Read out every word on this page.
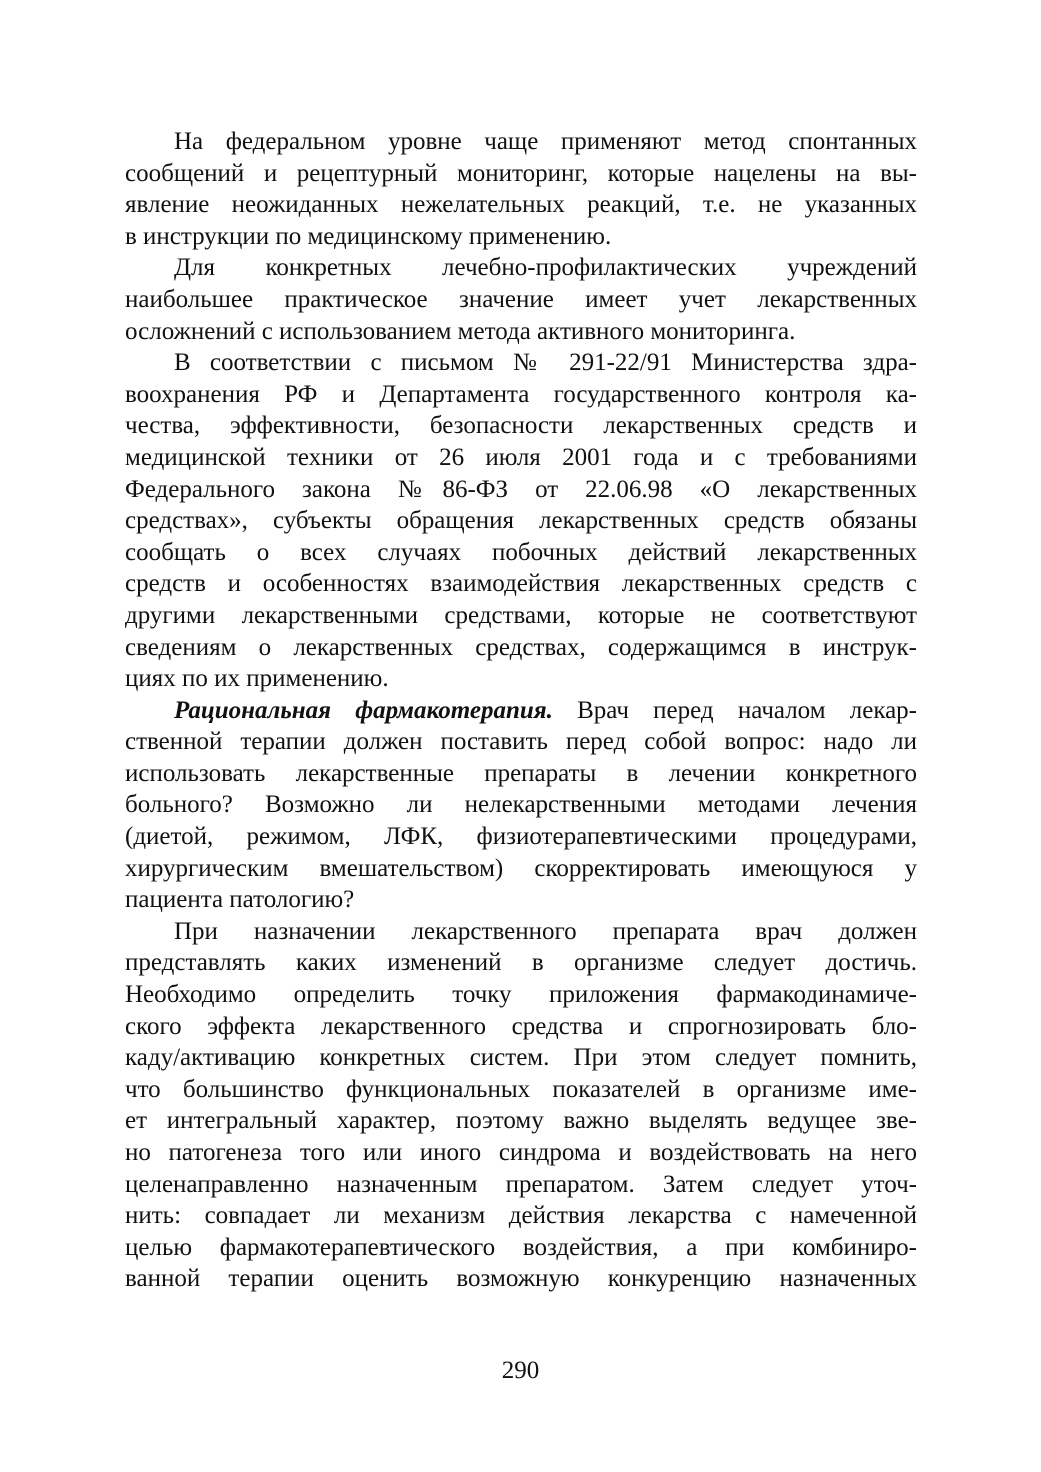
На федеральном уровне чаще применяют метод спонтанных
сообщений и рецептурный мониторинг, которые нацелены на вы-
явление неожиданных нежелательных реакций, т.е. не указанных
в инструкции по медицинскому применению.
Для конкретных лечебно-профилактических учреждений
наибольшее практическое значение имеет учет лекарственных
осложнений с использованием метода активного мониторинга.
В соответствии с письмом № 291-22/91 Министерства здра-
воохранения РФ и Департамента государственного контроля ка-
чества, эффективности, безопасности лекарственных средств и
медицинской техники от 26 июля 2001 года и с требованиями
Федерального закона №86-ФЗ от 22.06.98 «О лекарственных
средствах», субъекты обращения лекарственных средств обязаны
сообщать о всех случаях побочных действий лекарственных
средств и особенностях взаимодействия лекарственных средств с
другими лекарственными средствами, которые не соответствуют
сведениям о лекарственных средствах, содержащимся в инструк-
циях по их применению.
Рациональная фармакотерапия. Врач перед началом лекар-
ственной терапии должен поставить перед собой вопрос: надо ли
использовать лекарственные препараты в лечении конкретного
больного? Возможно ли нелекарственными методами лечения
(диетой, режимом, ЛФК, физиотерапевтическими процедурами,
хирургическим вмешательством) скорректировать имеющуюся у
пациента патологию?
При назначении лекарственного препарата врач должен
представлять каких изменений в организме следует достичь.
Необходимо определить точку приложения фармакодинамиче-
ского эффекта лекарственного средства и спрогнозировать бло-
каду/активацию конкретных систем. При этом следует помнить,
что большинство функциональных показателей в организме име-
ет интегральный характер, поэтому важно выделять ведущее зве-
но патогенеза того или иного синдрома и воздействовать на него
целенаправленно назначенным препаратом. Затем следует уточ-
нить: совпадает ли механизм действия лекарства с намеченной
целью фармакотерапевтического воздействия, а при комбиниро-
ванной терапии оценить возможную конкуренцию назначенных
290
